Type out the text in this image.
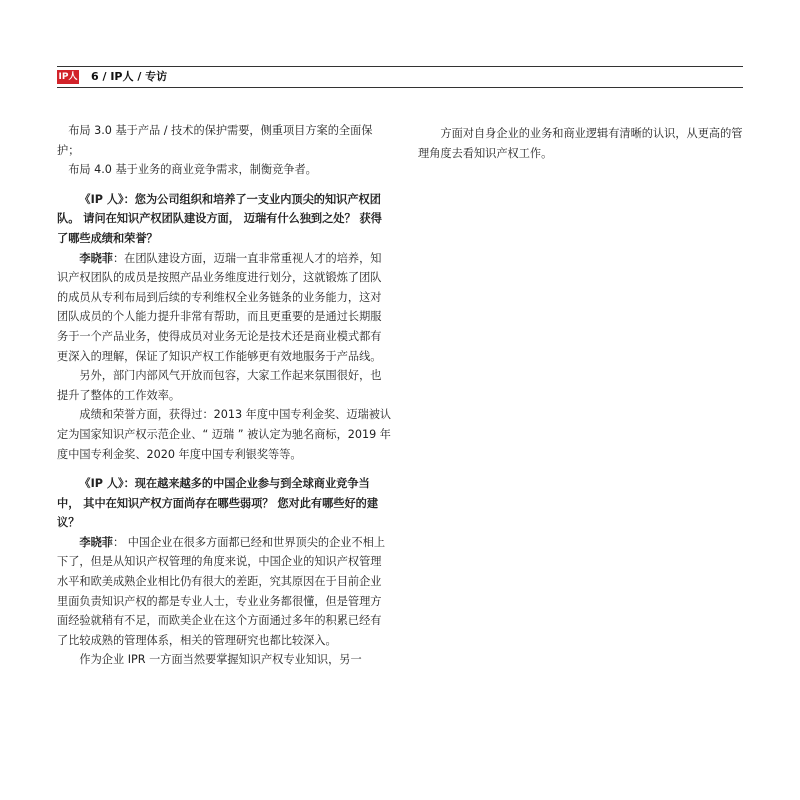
IP人 6 / IP人 / 专访

布局 3.0 基于产品 / 技术的保护需要，侧重项目方案的全面保护；

布局 4.0 基于业务的商业竞争需求，制衡竞争者。

《IP 人》：您为公司组织和培养了一支业内顶尖的知识产权团队。 请问在知识产权团队建设方面， 迈瑞有什么独到之处？ 获得了哪些成绩和荣誉？

李晓菲：在团队建设方面，迈瑞一直非常重视人才的培养，知识产权团队的成员是按照产品业务维度进行划分，这就锻炼了团队的成员从专利布局到后续的专利维权全业务链条的业务能力，这对团队成员的个人能力提升非常有帮助，而且更重要的是通过长期服务于一个产品业务，使得成员对业务无论是技术还是商业模式都有更深入的理解，保证了知识产权工作能够更有效地服务于产品线。

另外，部门内部风气开放而包容，大家工作起来氛围很好，也提升了整体的工作效率。

成绩和荣誉方面，获得过：2013 年度中国专利金奖、迈瑞被认定为国家知识产权示范企业、“ 迈瑞 ” 被认定为驰名商标，2019 年度中国专利金奖、2020 年度中国专利银奖等等。

《IP 人》：现在越来越多的中国企业参与到全球商业竞争当中， 其中在知识产权方面尚存在哪些弱项？ 您对此有哪些好的建议？

李晓菲： 中国企业在很多方面都已经和世界顶尖的企业不相上下了，但是从知识产权管理的角度来说，中国企业的知识产权管理水平和欧美成熟企业相比仍有很大的差距，究其原因在于目前企业里面负责知识产权的都是专业人士，专业业务都很懂，但是管理方面经验就稍有不足，而欧美企业在这个方面通过多年的积累已经有了比较成熟的管理体系，相关的管理研究也都比较深入。

作为企业 IPR 一方面当然要掌握知识产权专业知识，另一

方面对自身企业的业务和商业逻辑有清晰的认识，从更高的管理角度去看知识产权工作。
